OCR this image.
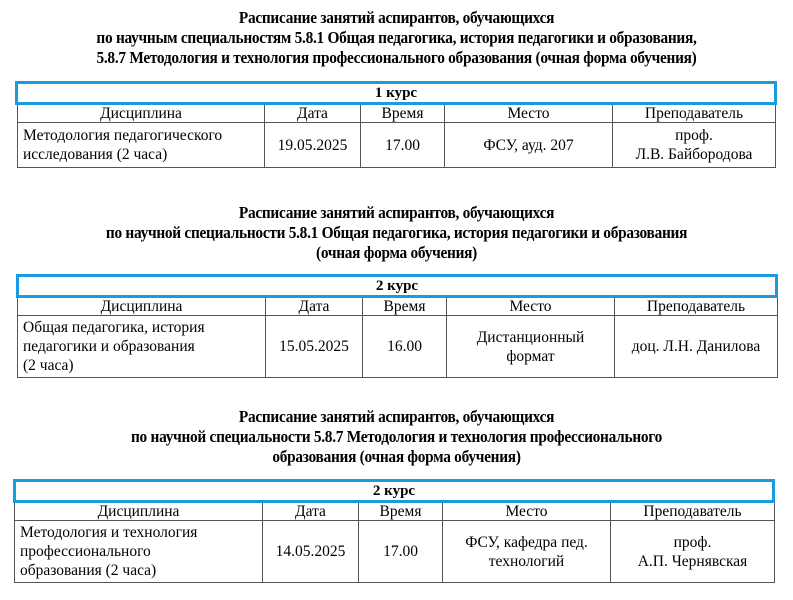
Расписание занятий аспирантов, обучающихся
по научным специальностям 5.8.1 Общая педагогика, история педагогики и образования,
5.8.7 Методология и технология профессионального образования (очная форма обучения)
1 курс
Дисциплина	Дата	Время	Место	Преподаватель

Методология педагогического
исследования (2 часа)	19.05.2025	17.00	ФСУ, ауд. 207	проф.
Л.В. Байбородова
Расписание занятий аспирантов, обучающихся
по научной специальности 5.8.1 Общая педагогика, история педагогики и образования
(очная форма обучения)
2 курс
Дисциплина	Дата	Время	Место	Преподаватель

Общая педагогика, история
педагогики и образования
(2 часа)	15.05.2025	16.00	Дистанционный
формат	доц. Л.Н. Данилова
Расписание занятий аспирантов, обучающихся
по научной специальности 5.8.7 Методология и технология профессионального
образования (очная форма обучения)
2 курс
Дисциплина	Дата	Время	Место	Преподаватель

Методология и технология
профессионального
образования (2 часа)	14.05.2025	17.00	ФСУ, кафедра пед.
технологий	проф.
А.П. Чернявская
